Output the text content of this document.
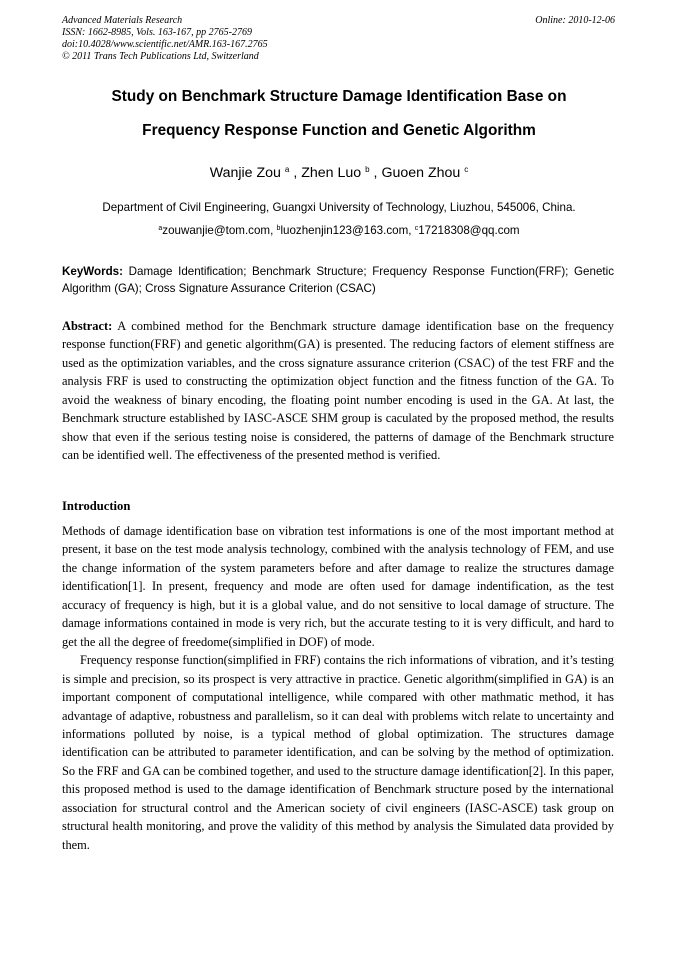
Advanced Materials Research
ISSN: 1662-8985, Vols. 163-167, pp 2765-2769
doi:10.4028/www.scientific.net/AMR.163-167.2765
© 2011 Trans Tech Publications Ltd, Switzerland
Online: 2010-12-06
Study on Benchmark Structure Damage Identification Base on
Frequency Response Function and Genetic Algorithm
Wanjie Zou $^a$ , Zhen Luo $^b$ , Guoen Zhou $^c$
Department of Civil Engineering, Guangxi University of Technology, Liuzhou, 545006, China.
$^a$zouwanjie@tom.com, $^b$luozhenjin123@163.com, $^c$17218308@qq.com
KeyWords: Damage Identification; Benchmark Structure; Frequency Response Function(FRF); Genetic Algorithm (GA); Cross Signature Assurance Criterion (CSAC)
Abstract: A combined method for the Benchmark structure damage identification base on the frequency response function(FRF) and genetic algorithm(GA) is presented. The reducing factors of element stiffness are used as the optimization variables, and the cross signature assurance criterion (CSAC) of the test FRF and the analysis FRF is used to constructing the optimization object function and the fitness function of the GA. To avoid the weakness of binary encoding, the floating point number encoding is used in the GA. At last, the Benchmark structure established by IASC-ASCE SHM group is caculated by the proposed method, the results show that even if the serious testing noise is considered, the patterns of damage of the Benchmark structure can be identified well. The effectiveness of the presented method is verified.
Introduction

Methods of damage identification base on vibration test informations is one of the most important method at present, it base on the test mode analysis technology, combined with the analysis technology of FEM, and use the change information of the system parameters before and after damage to realize the structures damage identification[1]. In present, frequency and mode are often used for damage indentification, as the test accuracy of frequency is high, but it is a global value, and do not sensitive to local damage of structure. The damage informations contained in mode is very rich, but the accurate testing to it is very difficult, and hard to get the all the degree of freedome(simplified in DOF) of mode.

Frequency response function(simplified in FRF) contains the rich informations of vibration, and it’s testing is simple and precision, so its prospect is very attractive in practice. Genetic algorithm(simplified in GA) is an important component of computational intelligence, while compared with other mathmatic method, it has advantage of adaptive, robustness and parallelism, so it can deal with problems witch relate to uncertainty and informations polluted by noise, is a typical method of global optimization. The structures damage identification can be attributed to parameter identification, and can be solving by the method of optimization. So the FRF and GA can be combined together, and used to the structure damage identification[2]. In this paper, this proposed method is used to the damage identification of Benchmark structure posed by the international association for structural control and the American society of civil engineers (IASC-ASCE) task group on structural health monitoring, and prove the validity of this method by analysis the Simulated data provided by them.
